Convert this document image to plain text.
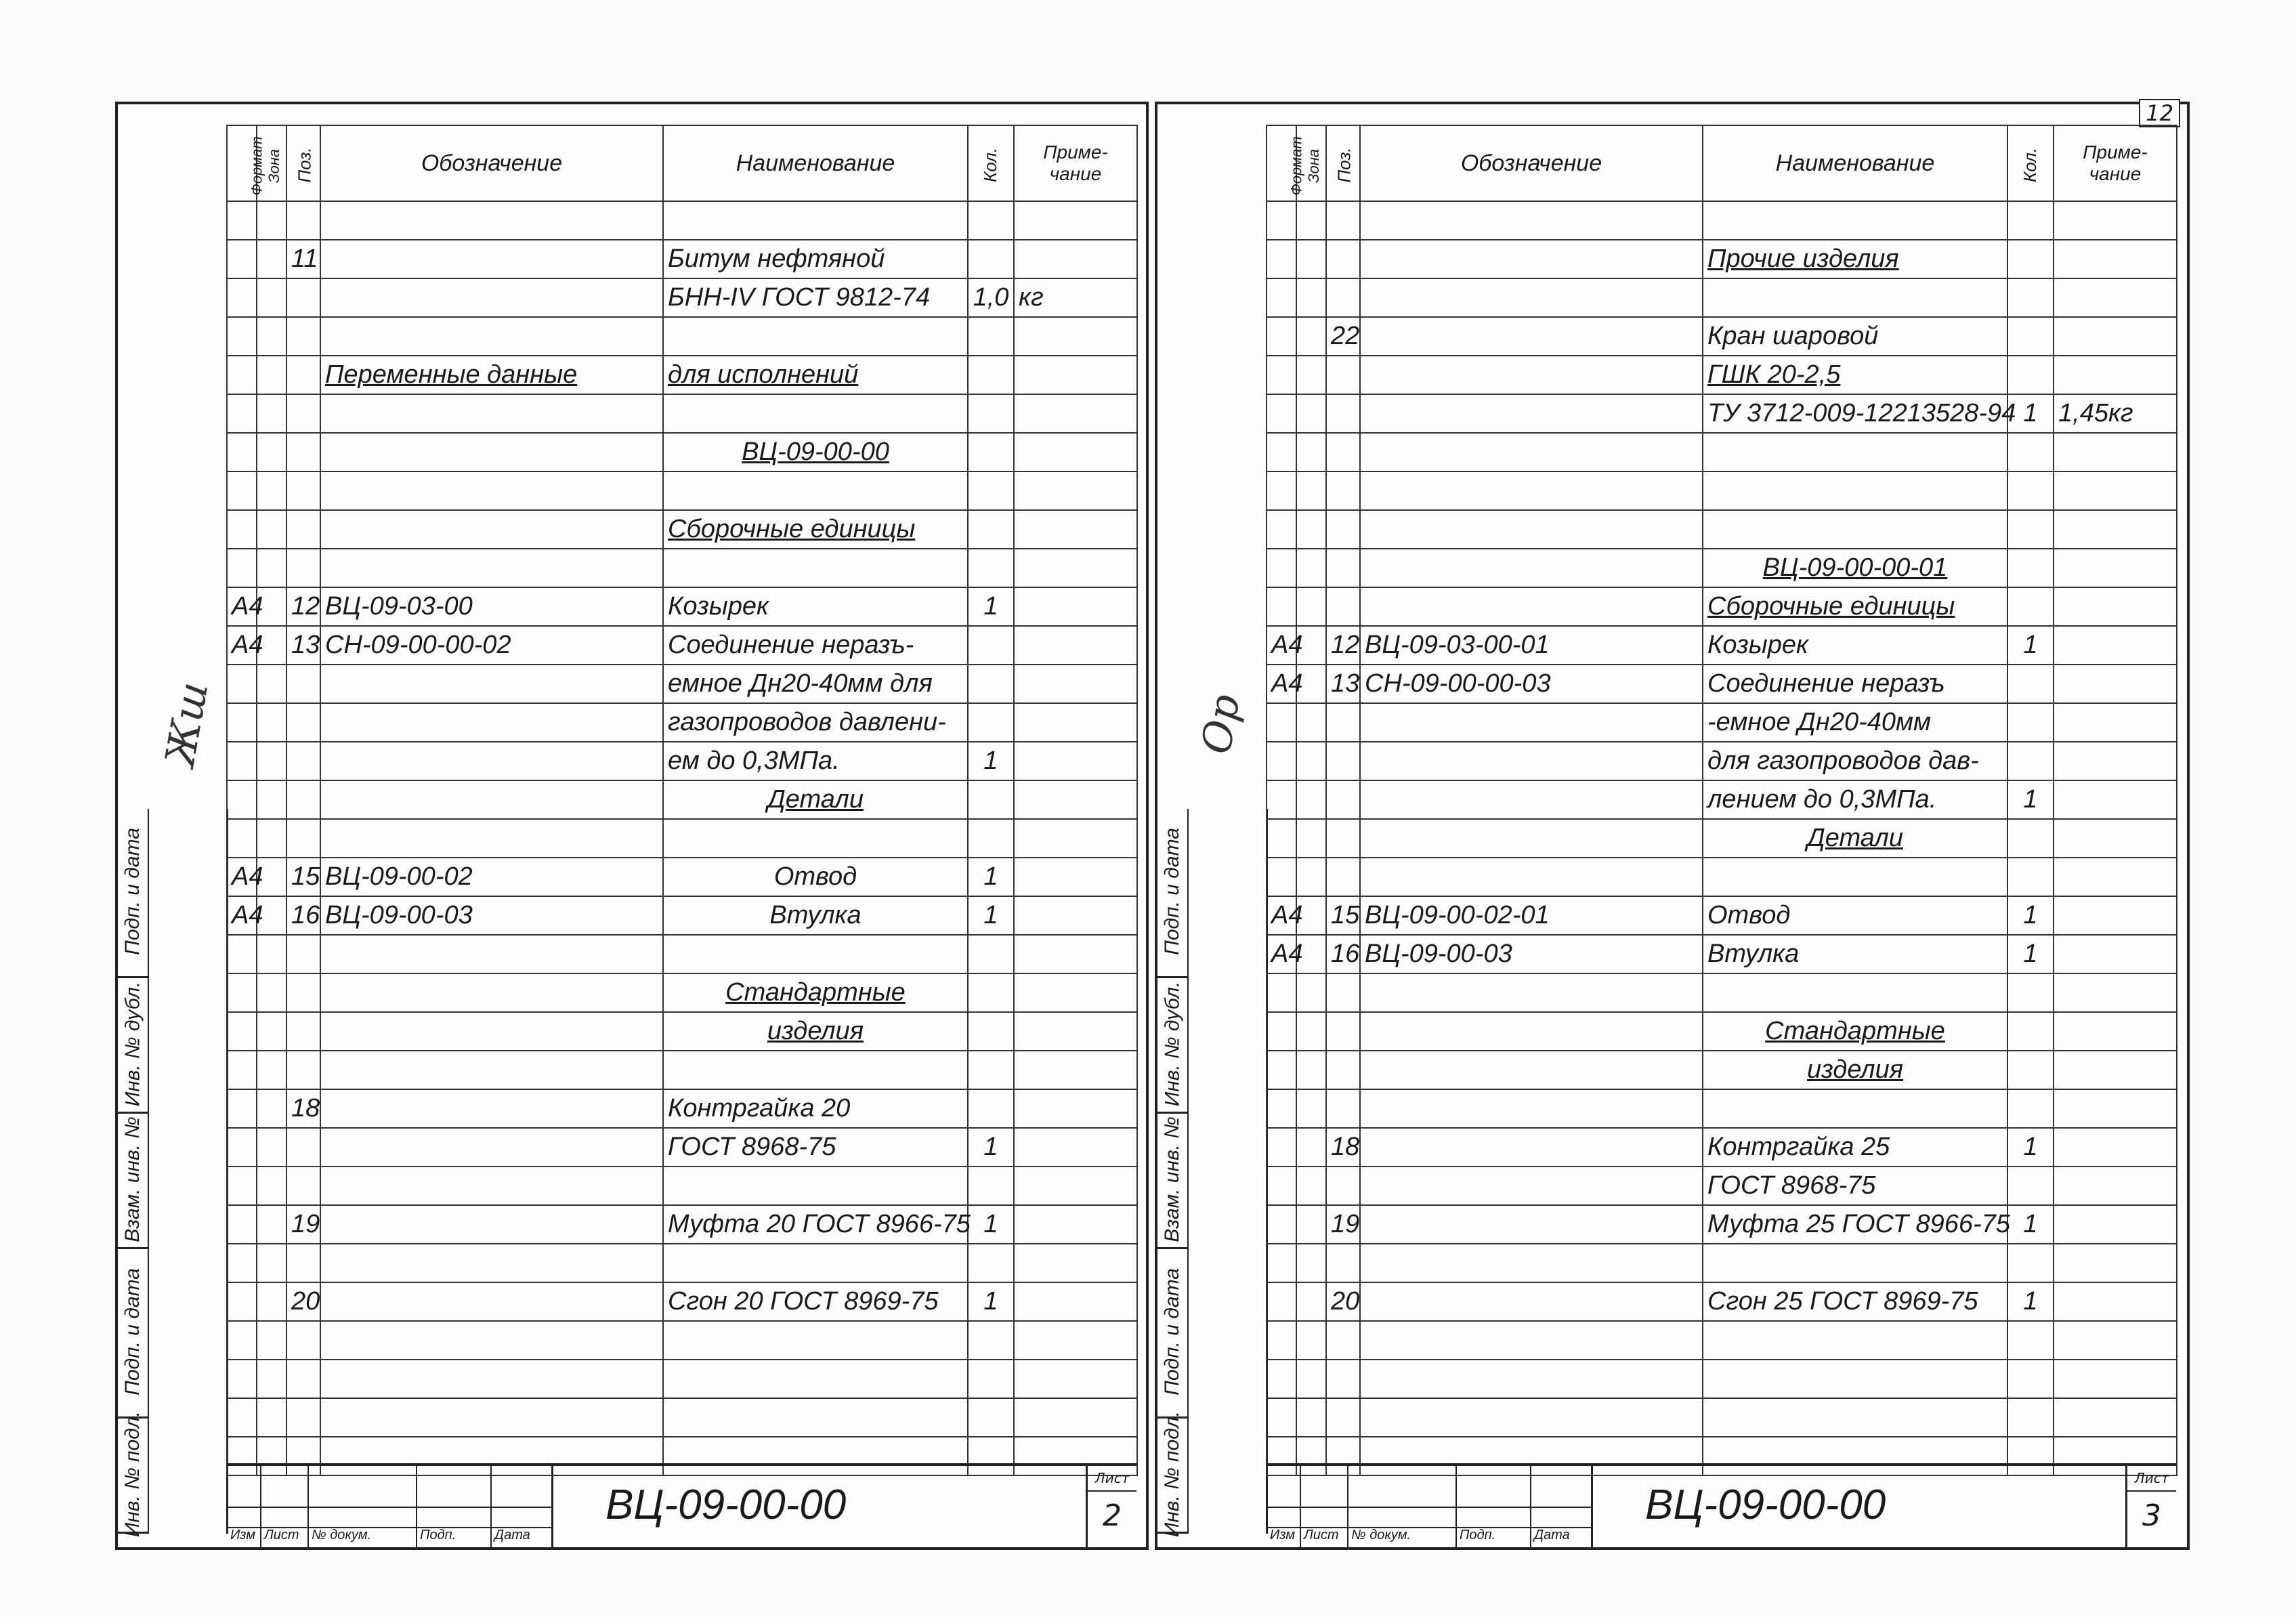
Жш
Инв. № подл.
Подп. и дата
Взам. инв. №
Инв. № дубл.
Подп. и дата
Формат	Зона	Поз.	Обозначение	Наименование	Кол.	Приме-чание

		11		Битум нефтяной		
				БНН-IV ГОСТ 9812-74	1,0	кг

			Переменные данные	для исполнений		

				ВЦ-09-00-00		

				Сборочные единицы		

А4		12	ВЦ-09-03-00	Козырек	1	
А4		13	СН-09-00-00-02	Соединение неразъ-		
				емное Дн20-40мм для		
				газопроводов давлени-		
				ем до 0,3МПа.	1	
				Детали		

А4		15	ВЦ-09-00-02	Отвод	1	
А4		16	ВЦ-09-00-03	Втулка	1	

				Стандартные		
				изделия		

		18		Контргайка 20		
				ГОСТ 8968-75	1	

		19		Муфта 20 ГОСТ 8966-75	1	

		20		Сгон 20 ГОСТ 8969-75	1	

Изм Лист № докум.	Подп.	Дата
ВЦ-09-00-00
Лист
2
12
Ор
Инв. № подл.
Подп. и дата
Взам. инв. №
Инв. № дубл.
Подп. и дата
Формат	Зона	Поз.	Обозначение	Наименование	Кол.	Приме-чание

				Прочие изделия		

		22		Кран шаровой		
				ГШК 20-2,5		
				ТУ 3712-009-12213528-94	1	1,45кг

				ВЦ-09-00-00-01		
				Сборочные единицы		
А4		12	ВЦ-09-03-00-01	Козырек	1	
А4		13	СН-09-00-00-03	Соединение неразъ		
				-емное Дн20-40мм		
				для газопроводов дав-		
				лением до 0,3МПа.	1	
				Детали		

А4		15	ВЦ-09-00-02-01	Отвод	1	
А4		16	ВЦ-09-00-03	Втулка	1	

				Стандартные		
				изделия		

		18		Контргайка 25	1	
				ГОСТ 8968-75		
		19		Муфта 25 ГОСТ 8966-75	1	

		20		Сгон 25 ГОСТ 8969-75	1	

Изм Лист № докум.	Подп.	Дата
ВЦ-09-00-00
Лист
3
